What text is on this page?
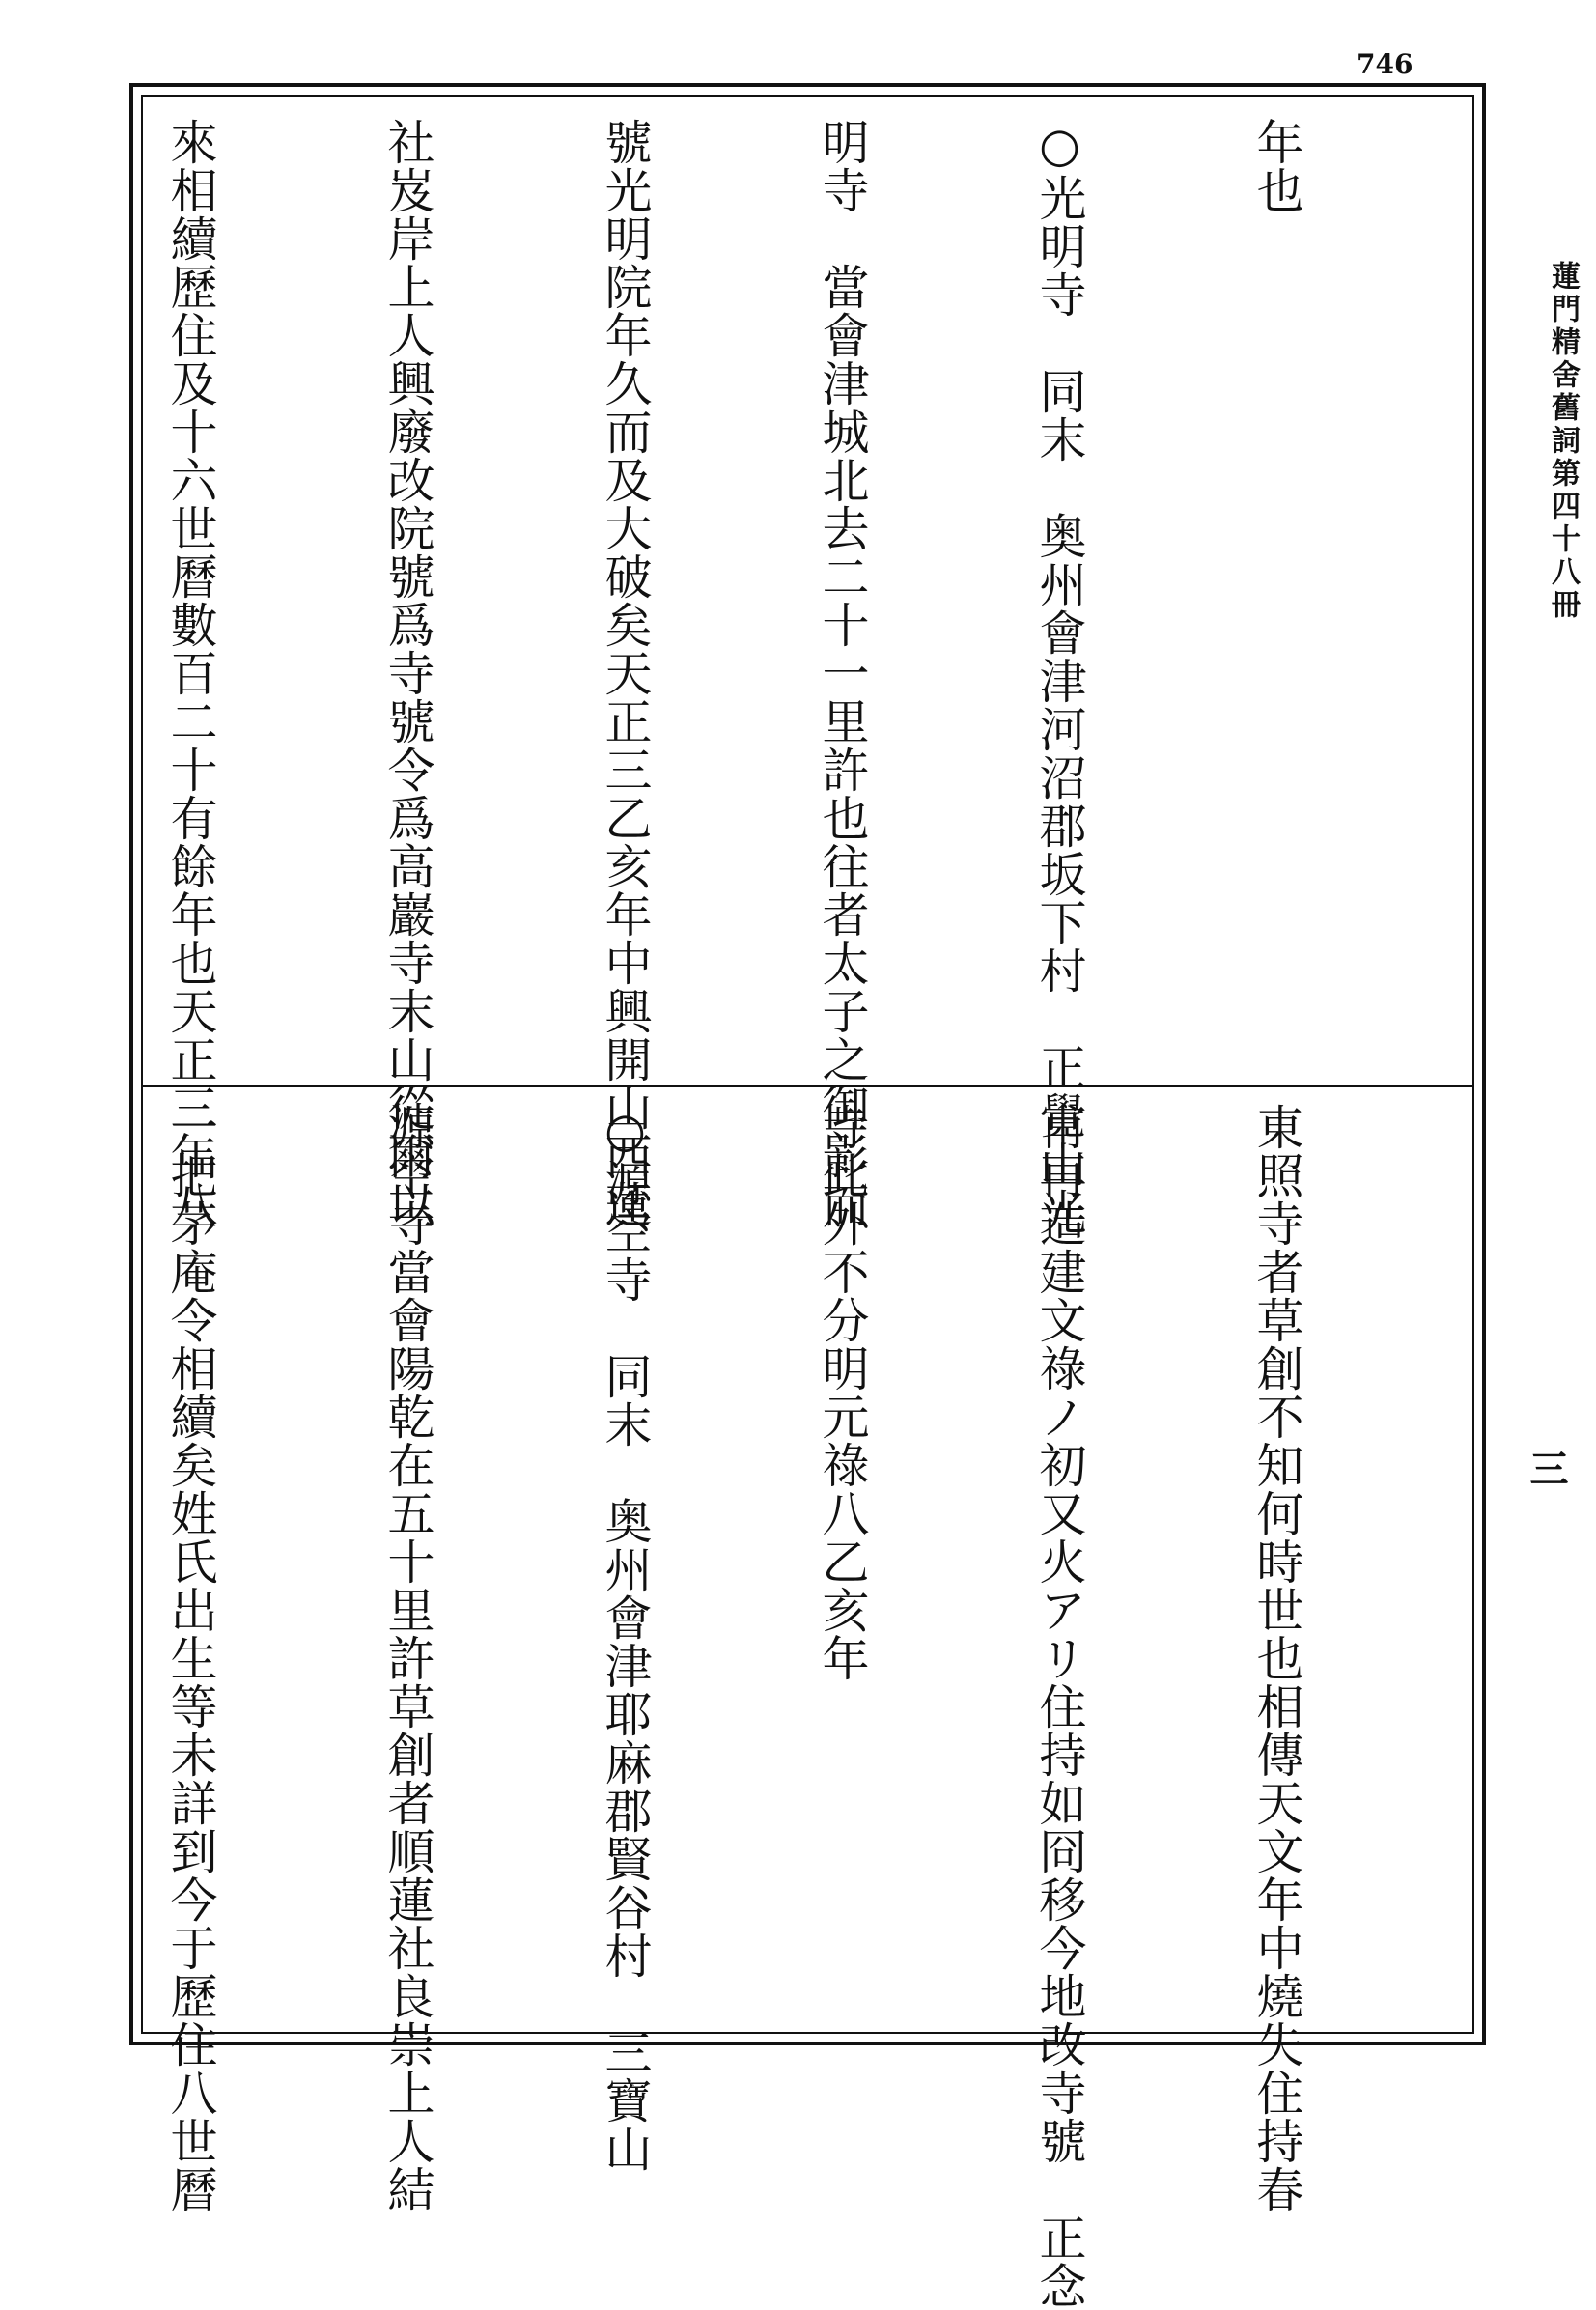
746
蓮門精舍舊詞第四十八冊
三

年也

○光明寺　同末　奥州會津河沼郡坂下村　正覺山光

明寺　當會津城北去二十一里許也往者太子之御影而

號光明院年久而及大破矣天正三乙亥年中興開山西蓮

社岌岸上人興廢改院號爲寺號令爲高巖寺末山從爾以

來相續歷住及十六世曆數百二十有餘年也天正三年八

東照寺者草創不知何時世也相傳天文年中燒失住持春

甫再造建文祿ノ初又火アリ住持如冏移今地改寺號　正念

寺此外不分明元祿八乙亥年

○源空寺　同末　奥州會津耶麻郡賢谷村　三寶山

源空寺當會陽乾在五十里許草創者順蓮社良崇上人結

一把茅庵令相續矣姓氏出生等未詳到今于歷住八世曆
